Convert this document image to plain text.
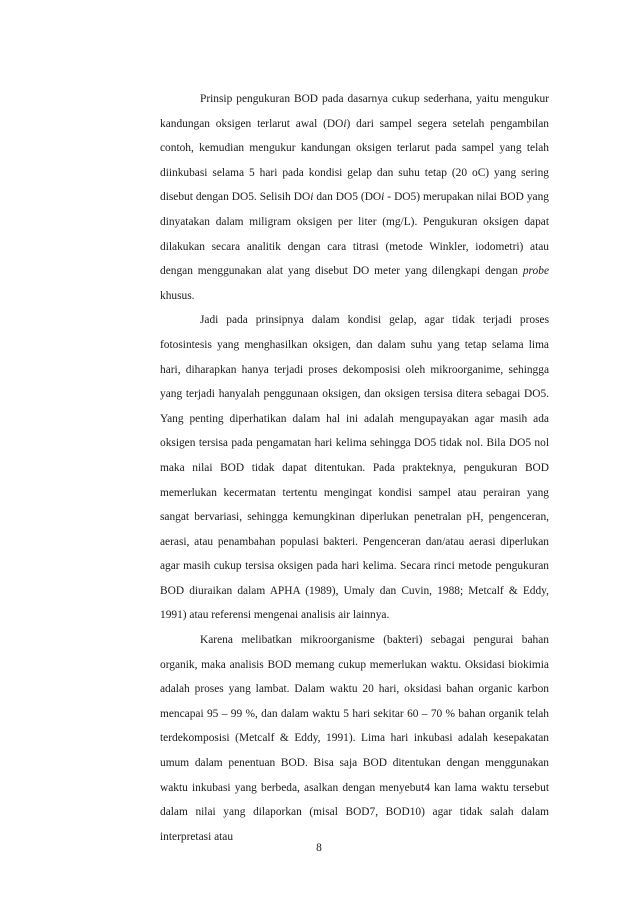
Prinsip pengukuran BOD pada dasarnya cukup sederhana, yaitu mengukur kandungan oksigen terlarut awal (DOi) dari sampel segera setelah pengambilan contoh, kemudian mengukur kandungan oksigen terlarut pada sampel yang telah diinkubasi selama 5 hari pada kondisi gelap dan suhu tetap (20 oC) yang sering disebut dengan DO5. Selisih DOi dan DO5 (DOi - DO5) merupakan nilai BOD yang dinyatakan dalam miligram oksigen per liter (mg/L). Pengukuran oksigen dapat dilakukan secara analitik dengan cara titrasi (metode Winkler, iodometri) atau dengan menggunakan alat yang disebut DO meter yang dilengkapi dengan probe khusus.

Jadi pada prinsipnya dalam kondisi gelap, agar tidak terjadi proses fotosintesis yang menghasilkan oksigen, dan dalam suhu yang tetap selama lima hari, diharapkan hanya terjadi proses dekomposisi oleh mikroorganime, sehingga yang terjadi hanyalah penggunaan oksigen, dan oksigen tersisa ditera sebagai DO5. Yang penting diperhatikan dalam hal ini adalah mengupayakan agar masih ada oksigen tersisa pada pengamatan hari kelima sehingga DO5 tidak nol. Bila DO5 nol maka nilai BOD tidak dapat ditentukan. Pada prakteknya, pengukuran BOD memerlukan kecermatan tertentu mengingat kondisi sampel atau perairan yang sangat bervariasi, sehingga kemungkinan diperlukan penetralan pH, pengenceran, aerasi, atau penambahan populasi bakteri. Pengenceran dan/atau aerasi diperlukan agar masih cukup tersisa oksigen pada hari kelima. Secara rinci metode pengukuran BOD diuraikan dalam APHA (1989), Umaly dan Cuvin, 1988; Metcalf & Eddy, 1991) atau referensi mengenai analisis air lainnya.

Karena melibatkan mikroorganisme (bakteri) sebagai pengurai bahan organik, maka analisis BOD memang cukup memerlukan waktu. Oksidasi biokimia adalah proses yang lambat. Dalam waktu 20 hari, oksidasi bahan organic karbon mencapai 95 – 99 %, dan dalam waktu 5 hari sekitar 60 – 70 % bahan organik telah terdekomposisi (Metcalf & Eddy, 1991). Lima hari inkubasi adalah kesepakatan umum dalam penentuan BOD. Bisa saja BOD ditentukan dengan menggunakan waktu inkubasi yang berbeda, asalkan dengan menyebut4 kan lama waktu tersebut dalam nilai yang dilaporkan (misal BOD7, BOD10) agar tidak salah dalam interpretasi atau

8
